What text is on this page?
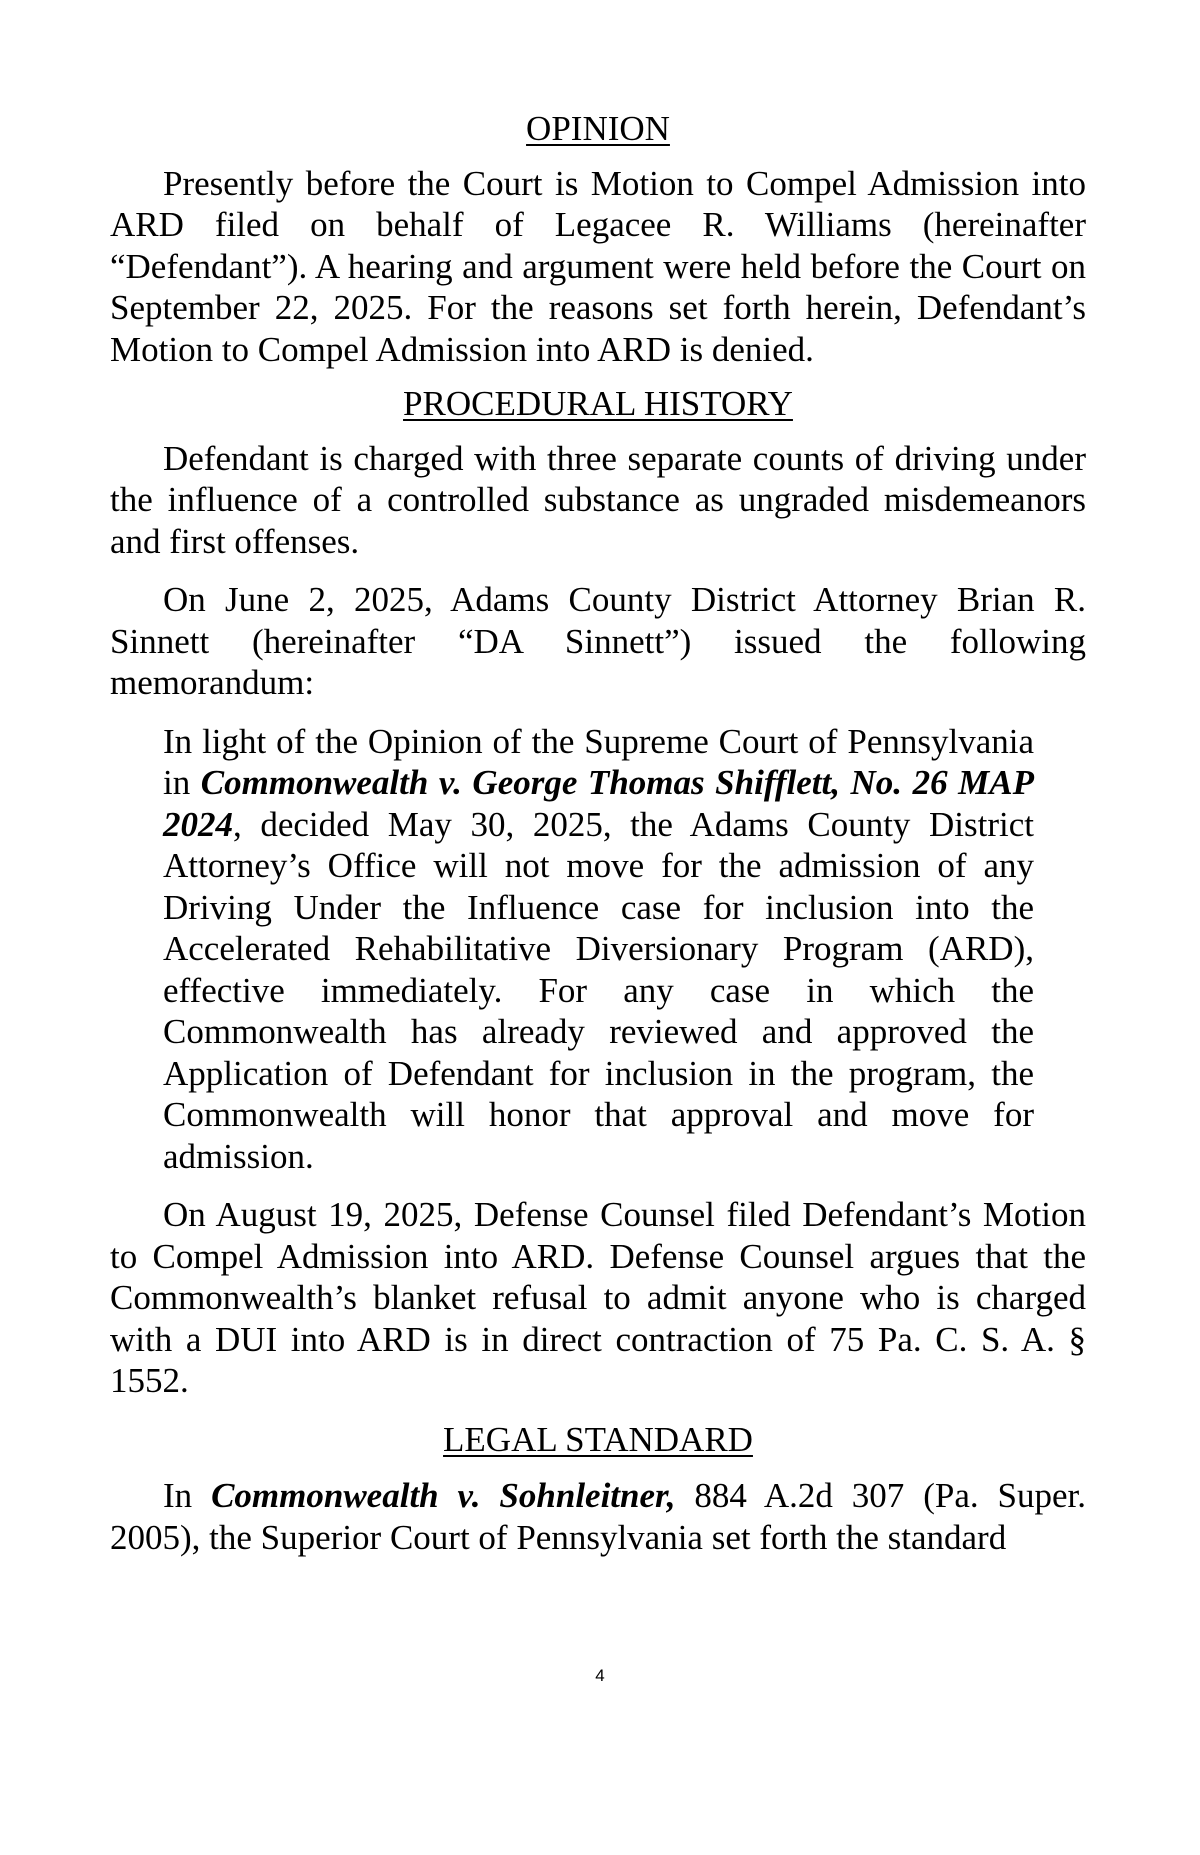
OPINION

Presently before the Court is Motion to Compel Admission into ARD filed on behalf of Legacee R. Williams (hereinafter “Defendant”). A hearing and argument were held before the Court on September 22, 2025. For the reasons set forth herein, Defendant’s Motion to Compel Admission into ARD is denied.

PROCEDURAL HISTORY

Defendant is charged with three separate counts of driving under the influence of a controlled substance as ungraded misdemeanors and first offenses.

On June 2, 2025, Adams County District Attorney Brian R. Sinnett (hereinafter “DA Sinnett”) issued the following memorandum:

In light of the Opinion of the Supreme Court of Pennsylvania in Commonwealth v. George Thomas Shifflett, No. 26 MAP 2024, decided May 30, 2025, the Adams County District Attorney’s Office will not move for the admission of any Driving Under the Influence case for inclusion into the Accelerated Rehabilitative Diversionary Program (ARD), effective immediately. For any case in which the Commonwealth has already reviewed and approved the Application of Defendant for inclusion in the program, the Commonwealth will honor that approval and move for admission.

On August 19, 2025, Defense Counsel filed Defendant’s Motion to Compel Admission into ARD. Defense Counsel argues that the Commonwealth’s blanket refusal to admit anyone who is charged with a DUI into ARD is in direct contraction of 75 Pa. C. S. A. § 1552.

LEGAL STANDARD

In Commonwealth v. Sohnleitner, 884 A.2d 307 (Pa. Super. 2005), the Superior Court of Pennsylvania set forth the standard

4
